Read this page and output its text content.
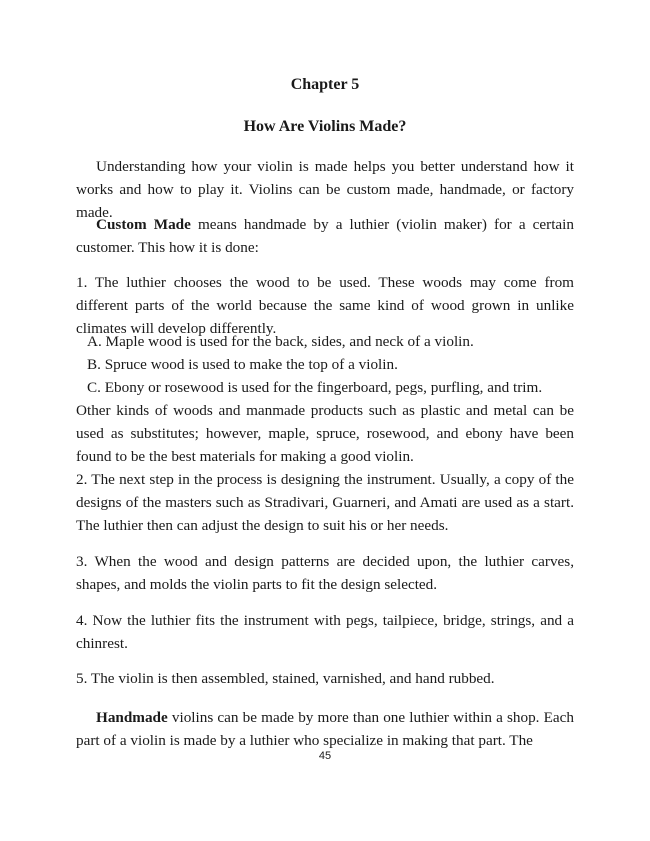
Chapter 5

How Are Violins Made?

Understanding how your violin is made helps you better understand how it works and how to play it. Violins can be custom made, handmade, or factory made.

Custom Made means handmade by a luthier (violin maker) for a certain customer. This how it is done:

1. The luthier chooses the wood to be used. These woods may come from different parts of the world because the same kind of wood grown in unlike climates will develop differently.

A. Maple wood is used for the back, sides, and neck of a violin.

B. Spruce wood is used to make the top of a violin.

C. Ebony or rosewood is used for the fingerboard, pegs, purfling, and trim.

Other kinds of woods and manmade products such as plastic and metal can be used as substitutes; however, maple, spruce, rosewood, and ebony have been found to be the best materials for making a good violin.

2. The next step in the process is designing the instrument. Usually, a copy of the designs of the masters such as Stradivari, Guarneri, and Amati are used as a start. The luthier then can adjust the design to suit his or her needs.

3. When the wood and design patterns are decided upon, the luthier carves, shapes, and molds the violin parts to fit the design selected.

4. Now the luthier fits the instrument with pegs, tailpiece, bridge, strings, and a chinrest.

5. The violin is then assembled, stained, varnished, and hand rubbed.

Handmade violins can be made by more than one luthier within a shop. Each part of a violin is made by a luthier who specialize in making that part. The

45
